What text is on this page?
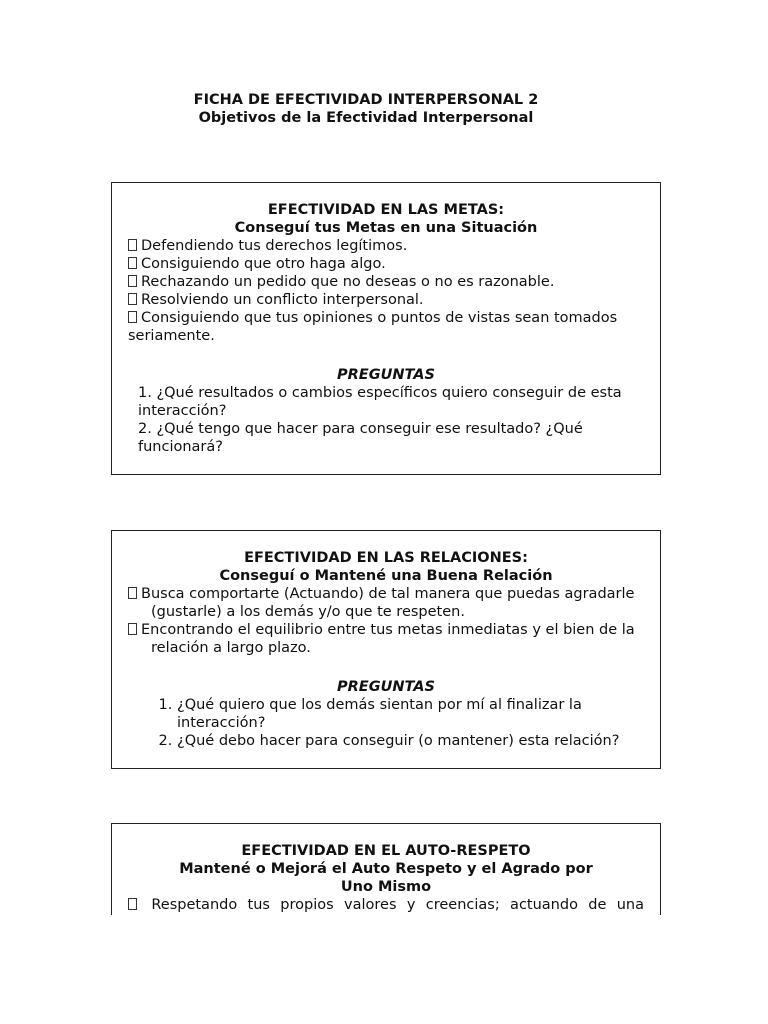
FICHA DE EFECTIVIDAD INTERPERSONAL 2
Objetivos de la Efectividad Interpersonal
EFECTIVIDAD EN LAS METAS:
Conseguí tus Metas en una Situación
Defendiendo tus derechos legítimos.
Consiguiendo que otro haga algo.
Rechazando un pedido que no deseas o no es razonable.
Resolviendo un conflicto interpersonal.
Consiguiendo que tus opiniones o puntos de vistas sean tomados seriamente.
PREGUNTAS
1. ¿Qué resultados o cambios específicos quiero conseguir de esta interacción?
2. ¿Qué tengo que hacer para conseguir ese resultado? ¿Qué funcionará?
EFECTIVIDAD EN LAS RELACIONES:
Conseguí o Mantené una Buena Relación
Busca comportarte (Actuando) de tal manera que puedas agradarle (gustarle) a los demás y/o que te respeten.
Encontrando el equilibrio entre tus metas inmediatas y el bien de la relación a largo plazo.
PREGUNTAS
1. ¿Qué quiero que los demás sientan por mí al finalizar la interacción?
2. ¿Qué debo hacer para conseguir (o mantener) esta relación?
EFECTIVIDAD EN EL AUTO-RESPETO
Mantené o Mejorá el Auto Respeto y el Agrado por Uno Mismo
Respetando tus propios valores y creencias; actuando de una
